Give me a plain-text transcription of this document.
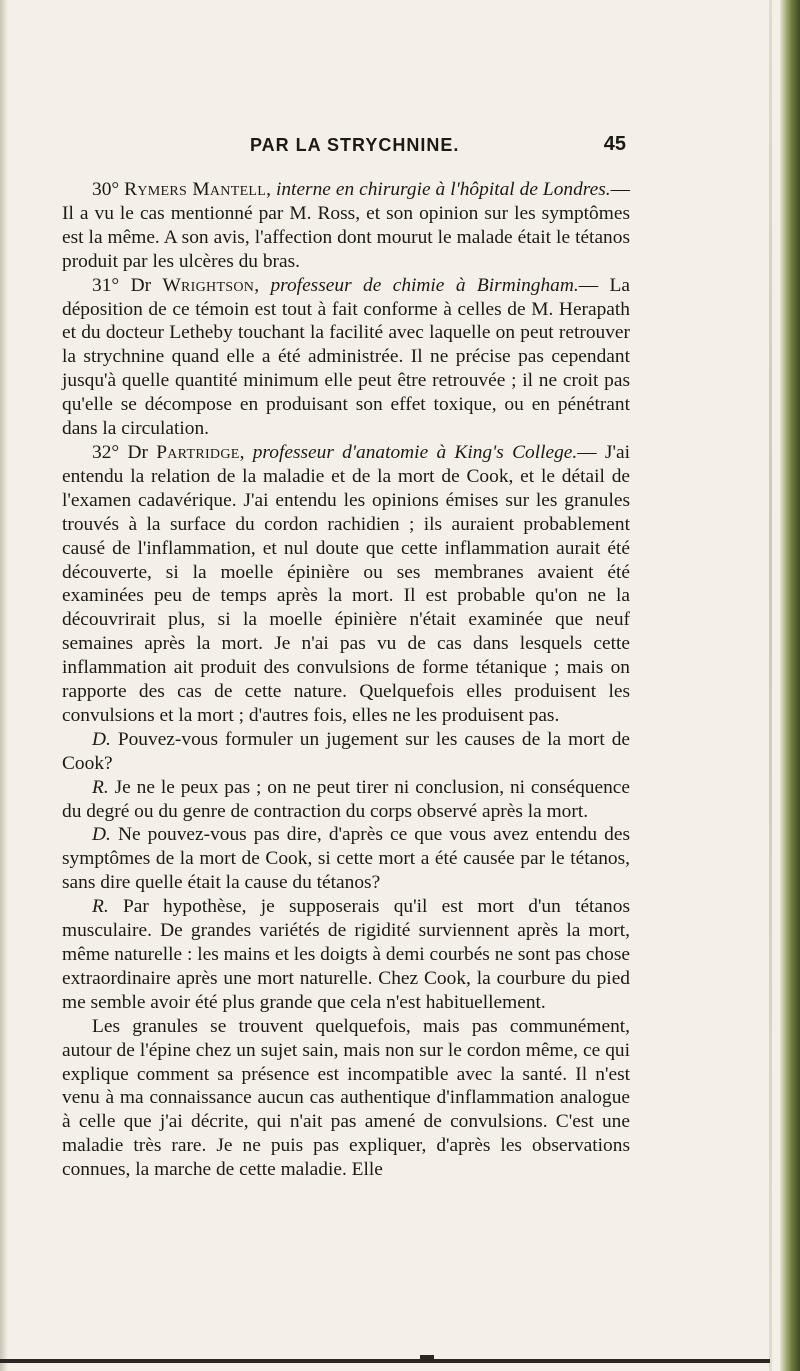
PAR LA STRYCHNINE.	45

30° Rymers Mantell, interne en chirurgie à l'hôpital de Londres.— Il a vu le cas mentionné par M. Ross, et son opinion sur les symptômes est la même. A son avis, l'affection dont mourut le malade était le tétanos produit par les ulcères du bras.

31° Dr Wrightson, professeur de chimie à Birmingham.— La déposition de ce témoin est tout à fait conforme à celles de M. Herapath et du docteur Letheby touchant la facilité avec laquelle on peut retrouver la strychnine quand elle a été administrée. Il ne précise pas cependant jusqu'à quelle quantité minimum elle peut être retrouvée ; il ne croit pas qu'elle se décompose en produisant son effet toxique, ou en pénétrant dans la circulation.

32° Dr Partridge, professeur d'anatomie à King's College.— J'ai entendu la relation de la maladie et de la mort de Cook, et le détail de l'examen cadavérique. J'ai entendu les opinions émises sur les granules trouvés à la surface du cordon rachidien ; ils auraient probablement causé de l'inflammation, et nul doute que cette inflammation aurait été découverte, si la moelle épinière ou ses membranes avaient été examinées peu de temps après la mort. Il est probable qu'on ne la découvrirait plus, si la moelle épinière n'était examinée que neuf semaines après la mort. Je n'ai pas vu de cas dans lesquels cette inflammation ait produit des convulsions de forme tétanique ; mais on rapporte des cas de cette nature. Quelquefois elles produisent les convulsions et la mort ; d'autres fois, elles ne les produisent pas.

D. Pouvez-vous formuler un jugement sur les causes de la mort de Cook?

R. Je ne le peux pas ; on ne peut tirer ni conclusion, ni conséquence du degré ou du genre de contraction du corps observé après la mort.

D. Ne pouvez-vous pas dire, d'après ce que vous avez entendu des symptômes de la mort de Cook, si cette mort a été causée par le tétanos, sans dire quelle était la cause du tétanos?

R. Par hypothèse, je supposerais qu'il est mort d'un tétanos musculaire. De grandes variétés de rigidité surviennent après la mort, même naturelle : les mains et les doigts à demi courbés ne sont pas chose extraordinaire après une mort naturelle. Chez Cook, la courbure du pied me semble avoir été plus grande que cela n'est habituellement.

Les granules se trouvent quelquefois, mais pas communément, autour de l'épine chez un sujet sain, mais non sur le cordon même, ce qui explique comment sa présence est incompatible avec la santé. Il n'est venu à ma connaissance aucun cas authentique d'inflammation analogue à celle que j'ai décrite, qui n'ait pas amené de convulsions. C'est une maladie très rare. Je ne puis pas expliquer, d'après les observations connues, la marche de cette maladie. Elle
